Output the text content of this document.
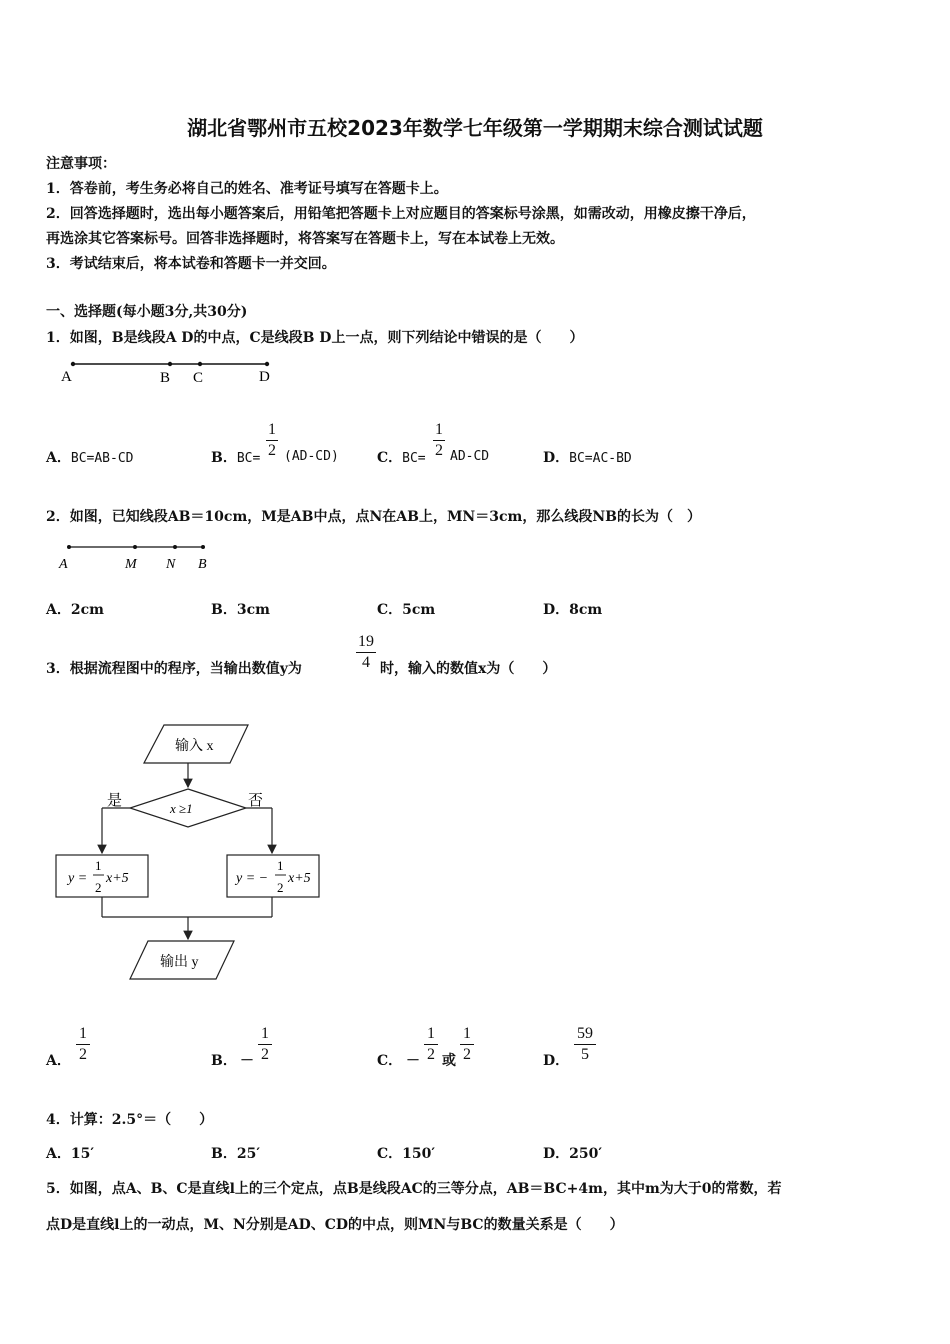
湖北省鄂州市五校2023年数学七年级第一学期期末综合测试试题
注意事项：
1．答卷前，考生务必将自己的姓名、准考证号填写在答题卡上。
2．回答选择题时，选出每小题答案后，用铅笔把答题卡上对应题目的答案标号涂黑，如需改动，用橡皮擦干净后，
再选涂其它答案标号。回答非选择题时，将答案写在答题卡上，写在本试卷上无效。
3．考试结束后，将本试卷和答题卡一并交回。
一、选择题(每小题3分,共30分)
1．如图，B是线段A D的中点，C是线段B D上一点，则下列结论中错误的是（　　）
A	B C	D
A．BC=AB-CD	B．BC=
1
2 (AD-CD)	C．BC=
1
2 AD-CD	D．BC=AC-BD
2．如图，已知线段AB＝10cm，M是AB中点，点N在AB上，MN＝3cm，那么线段NB的长为（　）
A	M N B
A．2cm	B．3cm	C．5cm	D．8cm
3．根据流程图中的程序，当输出数值y为
19
4 时，输入的数值x为（　　）
输入 x
x ≥1
是	否
y =
1
2
x+5	y = −
1
2
x+5
输出 y
A．
1
2	B． －
1
2	C． －
1
2 或
1
2	D．
59
5
4．计算：2.5°＝（　　）
A．15′	B．25′	C．150′	D．250′
5．如图，点A、B、C是直线l上的三个定点，点B是线段AC的三等分点，AB＝BC+4m，其中m为大于0的常数，若
点D是直线l上的一动点，M、N分别是AD、CD的中点，则MN与BC的数量关系是（　　）
